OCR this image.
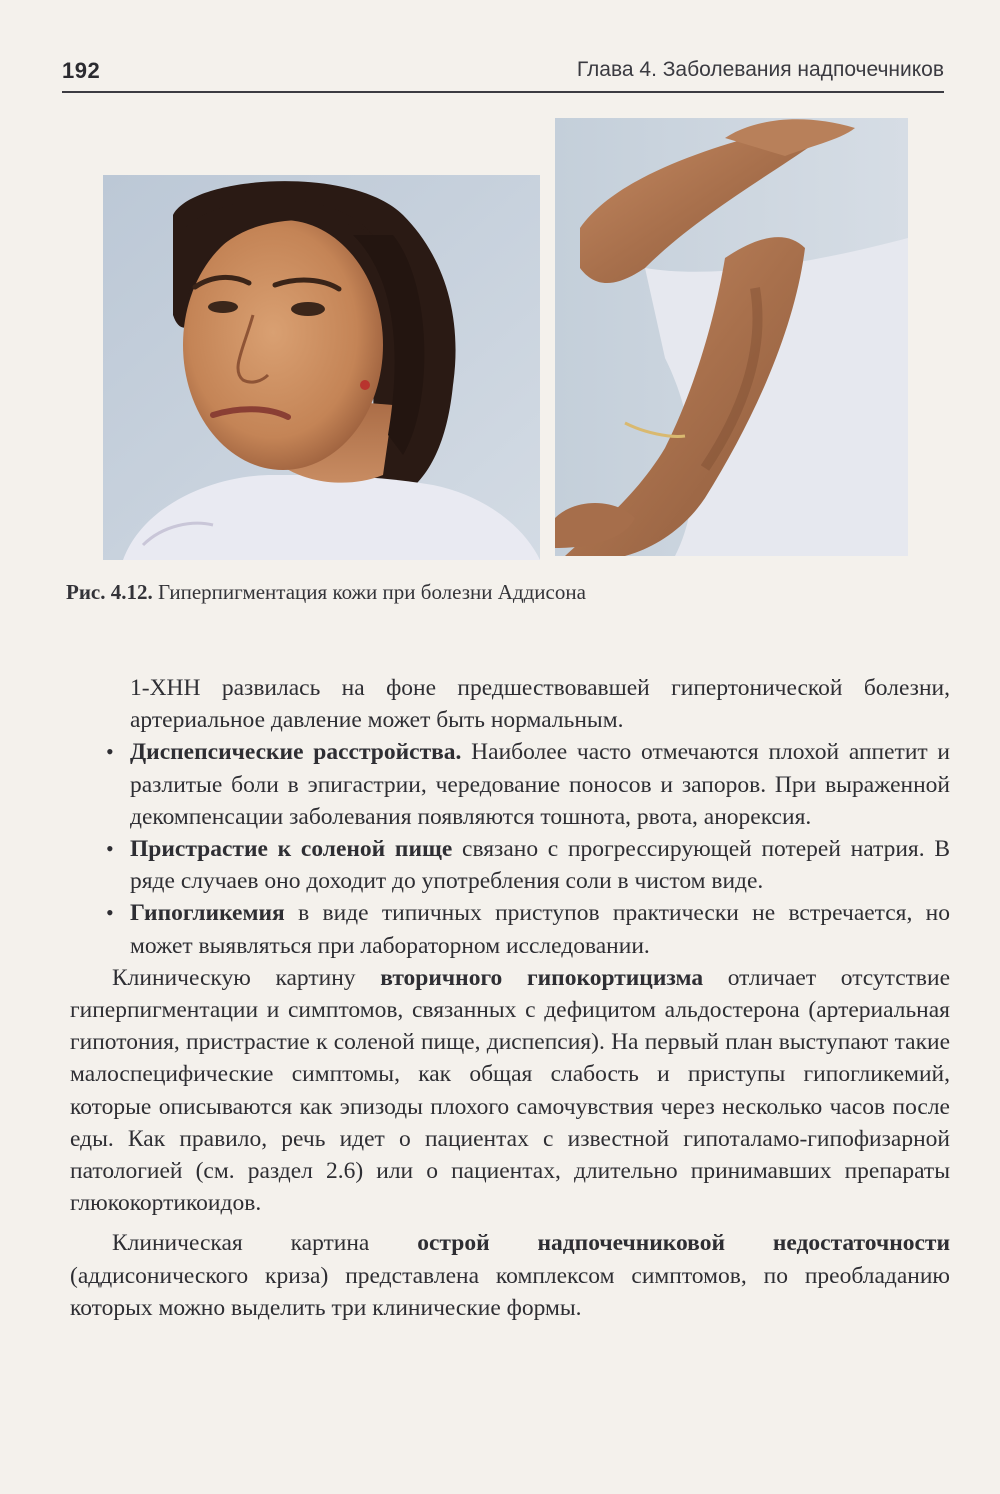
192	Глава 4. Заболевания надпочечников
Рис. 4.12. Гиперпигментация кожи при болезни Аддисона

1-ХНН развилась на фоне предшествовавшей гипертонической болезни, артериальное давление может быть нормальным.

• Диспепсические расстройства. Наиболее часто отмечаются плохой аппетит и разлитые боли в эпигастрии, чередование поносов и запоров. При выраженной декомпенсации заболевания появляются тошнота, рвота, анорексия.
• Пристрастие к соленой пище связано с прогрессирующей потерей натрия. В ряде случаев оно доходит до употребления соли в чистом виде.
• Гипогликемия в виде типичных приступов практически не встречается, но может выявляться при лабораторном исследовании.

Клиническую картину вторичного гипокортицизма отличает отсутствие гиперпигментации и симптомов, связанных с дефицитом альдостерона (артериальная гипотония, пристрастие к соленой пище, диспепсия). На первый план выступают такие малоспецифические симптомы, как общая слабость и приступы гипогликемий, которые описываются как эпизоды плохого самочувствия через несколько часов после еды. Как правило, речь идет о пациентах с известной гипоталамо-гипофизарной патологией (см. раздел 2.6) или о пациентах, длительно принимавших препараты глюкокортикоидов.

Клиническая картина острой надпочечниковой недостаточности (аддисонического криза) представлена комплексом симптомов, по преобладанию которых можно выделить три клинические формы.
